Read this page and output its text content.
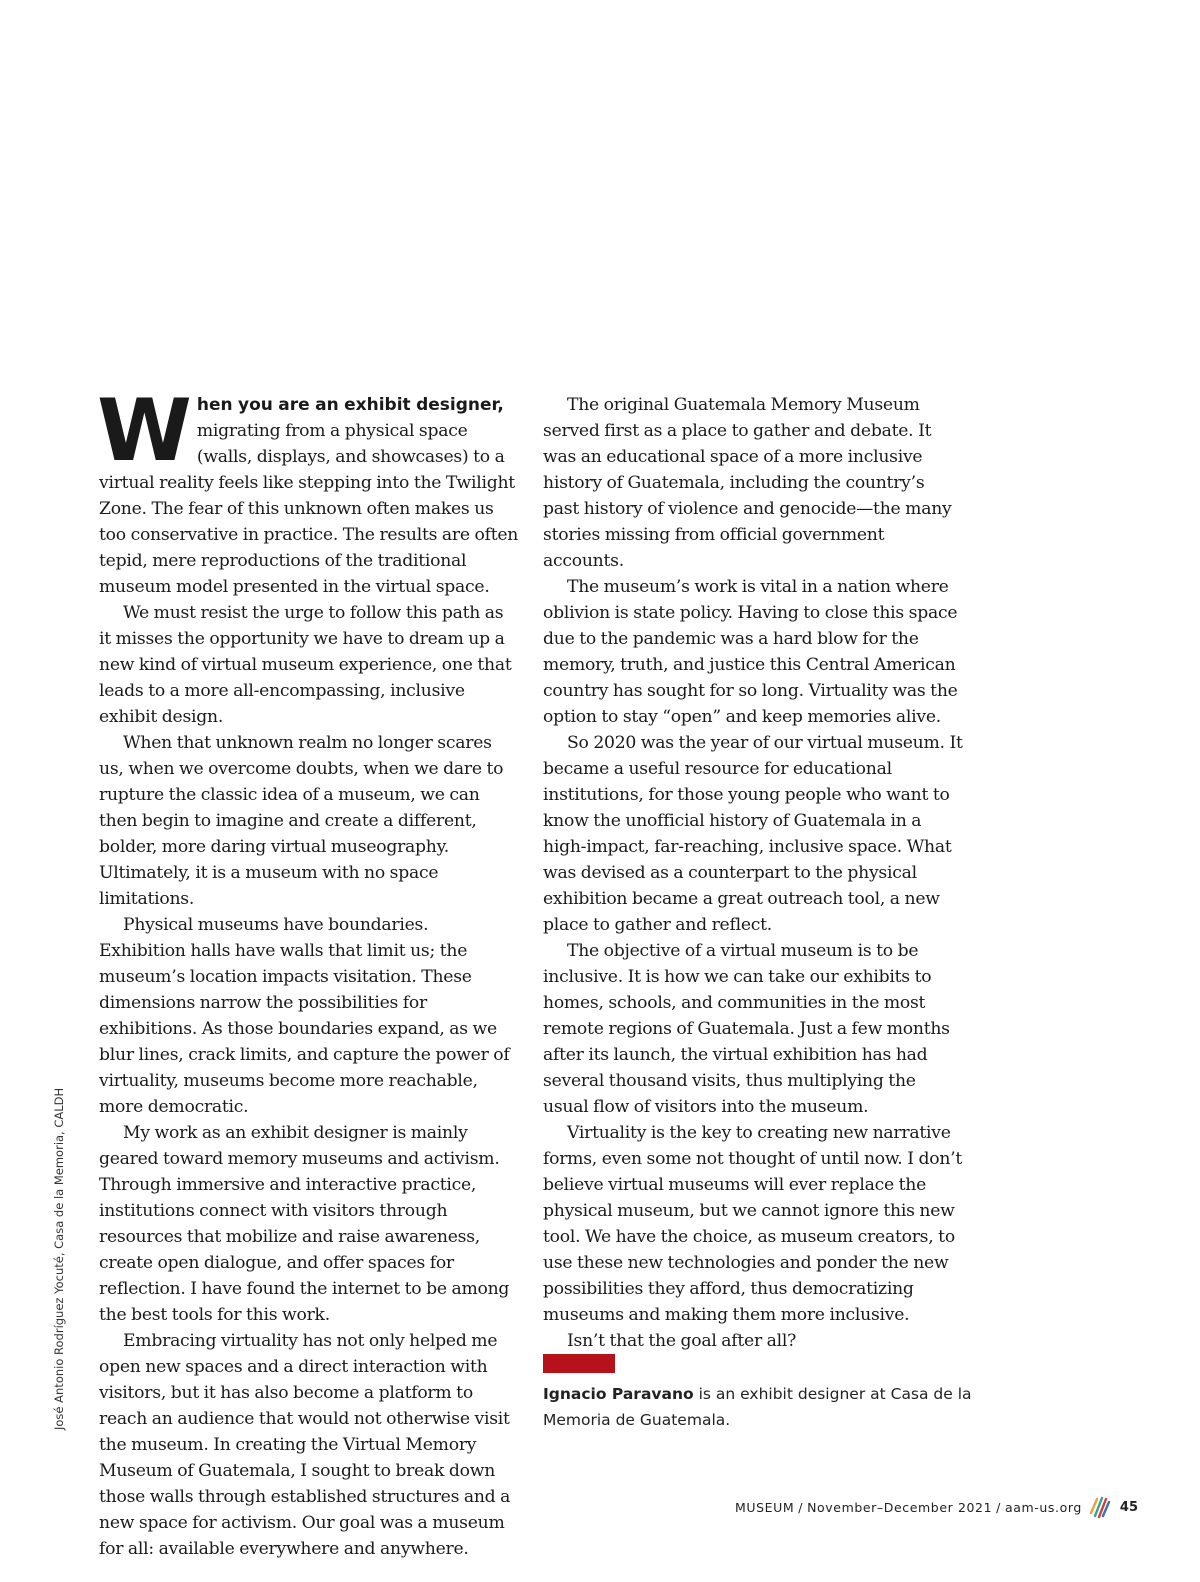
José Antonio Rodríguez Yocuté, Casa de la Memoria, CALDH

When you are an exhibit designer, migrating from a physical space (walls, displays, and showcases) to a virtual reality feels like stepping into the Twilight Zone. The fear of this unknown often makes us too conservative in practice. The results are often tepid, mere reproductions of the traditional museum model presented in the virtual space.

We must resist the urge to follow this path as it misses the opportunity we have to dream up a new kind of virtual museum experience, one that leads to a more all-encompassing, inclusive exhibit design.

When that unknown realm no longer scares us, when we overcome doubts, when we dare to rupture the classic idea of a museum, we can then begin to imagine and create a different, bolder, more daring virtual museography. Ultimately, it is a museum with no space limitations.

Physical museums have boundaries. Exhibition halls have walls that limit us; the museum’s location impacts visitation. These dimensions narrow the possibilities for exhibitions. As those boundaries expand, as we blur lines, crack limits, and capture the power of virtuality, museums become more reachable, more democratic.

My work as an exhibit designer is mainly geared toward memory museums and activism. Through immersive and interactive practice, institutions connect with visitors through resources that mobilize and raise awareness, create open dialogue, and offer spaces for reflection. I have found the internet to be among the best tools for this work.

Embracing virtuality has not only helped me open new spaces and a direct interaction with visitors, but it has also become a platform to reach an audience that would not otherwise visit the museum. In creating the Virtual Memory Museum of Guatemala, I sought to break down those walls through established structures and a new space for activism. Our goal was a museum for all: available everywhere and anywhere.

The original Guatemala Memory Museum served first as a place to gather and debate. It was an educational space of a more inclusive history of Guatemala, including the country’s past history of violence and genocide—the many stories missing from official government accounts.

The museum’s work is vital in a nation where oblivion is state policy. Having to close this space due to the pandemic was a hard blow for the memory, truth, and justice this Central American country has sought for so long. Virtuality was the option to stay “open” and keep memories alive.

So 2020 was the year of our virtual museum. It became a useful resource for educational institutions, for those young people who want to know the unofficial history of Guatemala in a high-impact, far-reaching, inclusive space. What was devised as a counterpart to the physical exhibition became a great outreach tool, a new place to gather and reflect.

The objective of a virtual museum is to be inclusive. It is how we can take our exhibits to homes, schools, and communities in the most remote regions of Guatemala. Just a few months after its launch, the virtual exhibition has had several thousand visits, thus multiplying the usual flow of visitors into the museum.

Virtuality is the key to creating new narrative forms, even some not thought of until now. I don’t believe virtual museums will ever replace the physical museum, but we cannot ignore this new tool. We have the choice, as museum creators, to use these new technologies and ponder the new possibilities they afford, thus democratizing museums and making them more inclusive.

Isn’t that the goal after all?

Ignacio Paravano is an exhibit designer at Casa de la Memoria de Guatemala.
MUSEUM / November–December 2021 / aam-us.org	45
